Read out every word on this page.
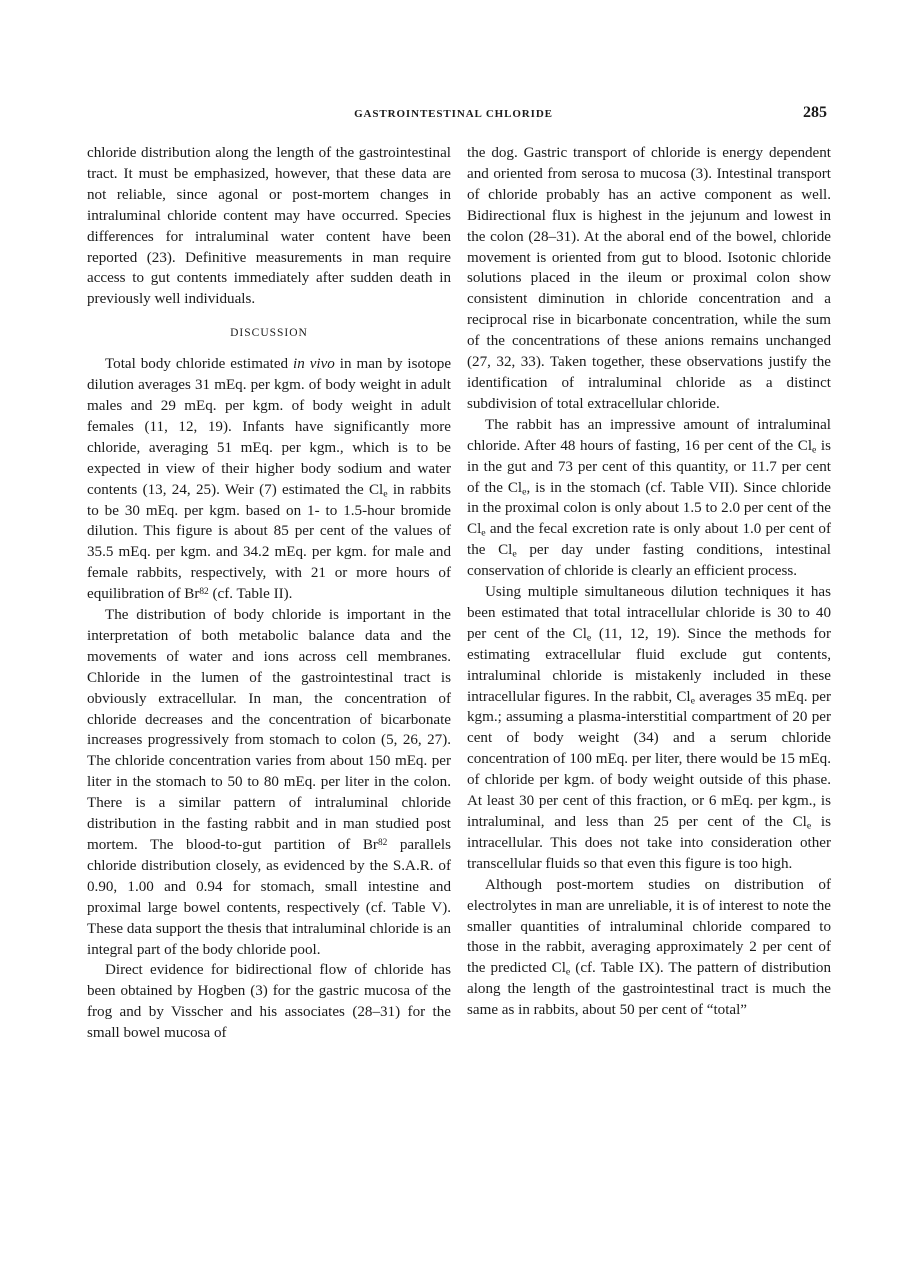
GASTROINTESTINAL CHLORIDE	285

chloride distribution along the length of the gastrointestinal tract. It must be emphasized, however, that these data are not reliable, since agonal or post-mortem changes in intraluminal chloride content may have occurred. Species differences for intraluminal water content have been reported (23). Definitive measurements in man require access to gut contents immediately after sudden death in previously well individuals.

DISCUSSION

Total body chloride estimated in vivo in man by isotope dilution averages 31 mEq. per kgm. of body weight in adult males and 29 mEq. per kgm. of body weight in adult females (11, 12, 19). Infants have significantly more chloride, averaging 51 mEq. per kgm., which is to be expected in view of their higher body sodium and water contents (13, 24, 25). Weir (7) estimated the $Cl_e$ in rabbits to be 30 mEq. per kgm. based on 1- to 1.5-hour bromide dilution. This figure is about 85 per cent of the values of 35.5 mEq. per kgm. and 34.2 mEq. per kgm. for male and female rabbits, respectively, with 21 or more hours of equilibration of Br$^{82}$ (cf. Table II).

The distribution of body chloride is important in the interpretation of both metabolic balance data and the movements of water and ions across cell membranes. Chloride in the lumen of the gastrointestinal tract is obviously extracellular. In man, the concentration of chloride decreases and the concentration of bicarbonate increases progressively from stomach to colon (5, 26, 27). The chloride concentration varies from about 150 mEq. per liter in the stomach to 50 to 80 mEq. per liter in the colon. There is a similar pattern of intraluminal chloride distribution in the fasting rabbit and in man studied post mortem. The blood-to-gut partition of Br$^{82}$ parallels chloride distribution closely, as evidenced by the S.A.R. of 0.90, 1.00 and 0.94 for stomach, small intestine and proximal large bowel contents, respectively (cf. Table V). These data support the thesis that intraluminal chloride is an integral part of the body chloride pool.

Direct evidence for bidirectional flow of chloride has been obtained by Hogben (3) for the gastric mucosa of the frog and by Visscher and his associates (28–31) for the small bowel mucosa of

the dog. Gastric transport of chloride is energy dependent and oriented from serosa to mucosa (3). Intestinal transport of chloride probably has an active component as well. Bidirectional flux is highest in the jejunum and lowest in the colon (28–31). At the aboral end of the bowel, chloride movement is oriented from gut to blood. Isotonic chloride solutions placed in the ileum or proximal colon show consistent diminution in chloride concentration and a reciprocal rise in bicarbonate concentration, while the sum of the concentrations of these anions remains unchanged (27, 32, 33). Taken together, these observations justify the identification of intraluminal chloride as a distinct subdivision of total extracellular chloride.

The rabbit has an impressive amount of intraluminal chloride. After 48 hours of fasting, 16 per cent of the $Cl_e$ is in the gut and 73 per cent of this quantity, or 11.7 per cent of the $Cl_e$, is in the stomach (cf. Table VII). Since chloride in the proximal colon is only about 1.5 to 2.0 per cent of the $Cl_e$ and the fecal excretion rate is only about 1.0 per cent of the $Cl_e$ per day under fasting conditions, intestinal conservation of chloride is clearly an efficient process.

Using multiple simultaneous dilution techniques it has been estimated that total intracellular chloride is 30 to 40 per cent of the $Cl_e$ (11, 12, 19). Since the methods for estimating extracellular fluid exclude gut contents, intraluminal chloride is mistakenly included in these intracellular figures. In the rabbit, $Cl_e$ averages 35 mEq. per kgm.; assuming a plasma-interstitial compartment of 20 per cent of body weight (34) and a serum chloride concentration of 100 mEq. per liter, there would be 15 mEq. of chloride per kgm. of body weight outside of this phase. At least 30 per cent of this fraction, or 6 mEq. per kgm., is intraluminal, and less than 25 per cent of the $Cl_e$ is intracellular. This does not take into consideration other transcellular fluids so that even this figure is too high.

Although post-mortem studies on distribution of electrolytes in man are unreliable, it is of interest to note the smaller quantities of intraluminal chloride compared to those in the rabbit, averaging approximately 2 per cent of the predicted $Cl_e$ (cf. Table IX). The pattern of distribution along the length of the gastrointestinal tract is much the same as in rabbits, about 50 per cent of “total”
